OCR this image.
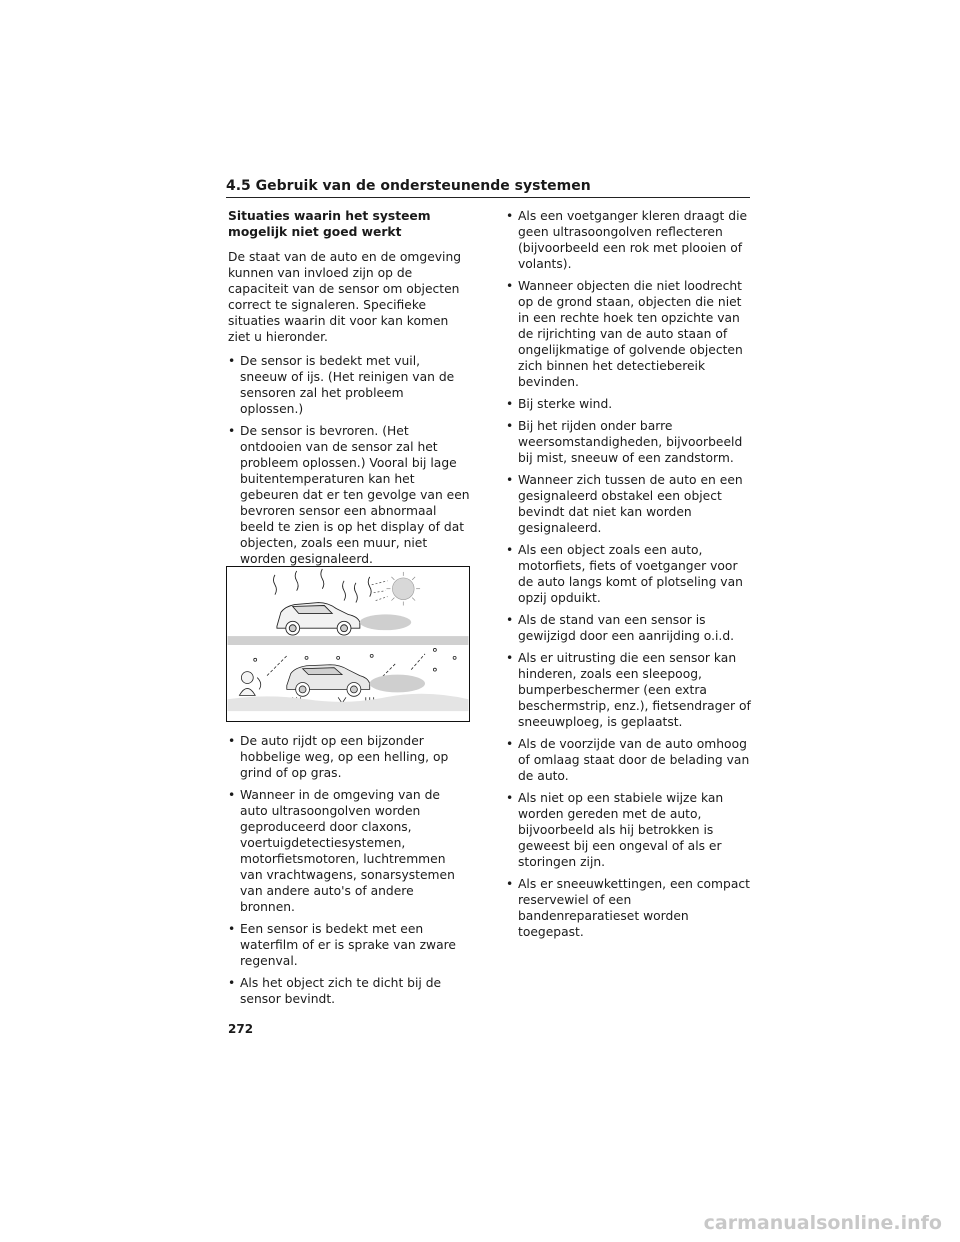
4.5 Gebruik van de ondersteunende systemen
Situaties waarin het systeem mogelijk niet goed werkt
De staat van de auto en de omgeving kunnen van invloed zijn op de capaciteit van de sensor om objecten correct te signaleren. Specifieke situaties waarin dit voor kan komen ziet u hieronder.
• De sensor is bedekt met vuil, sneeuw of ijs. (Het reinigen van de sensoren zal het probleem oplossen.)
• De sensor is bevroren. (Het ontdooien van de sensor zal het probleem oplossen.) Vooral bij lage buitentemperaturen kan het gebeuren dat er ten gevolge van een bevroren sensor een abnormaal beeld te zien is op het display of dat objecten, zoals een muur, niet worden gesignaleerd.
• De auto rijdt op een bijzonder hobbelige weg, op een helling, op grind of op gras.
• Wanneer in de omgeving van de auto ultrasoongolven worden geproduceerd door claxons, voertuigdetectiesystemen, motorfietsmotoren, luchtremmen van vrachtwagens, sonarsystemen van andere auto's of andere bronnen.
• Een sensor is bedekt met een waterfilm of er is sprake van zware regenval.
• Als het object zich te dicht bij de sensor bevindt.
• Als een voetganger kleren draagt die geen ultrasoongolven reflecteren (bijvoorbeeld een rok met plooien of volants).
• Wanneer objecten die niet loodrecht op de grond staan, objecten die niet in een rechte hoek ten opzichte van de rijrichting van de auto staan of ongelijkmatige of golvende objecten zich binnen het detectiebereik bevinden.
• Bij sterke wind.
• Bij het rijden onder barre weersomstandigheden, bijvoorbeeld bij mist, sneeuw of een zandstorm.
• Wanneer zich tussen de auto en een gesignaleerd obstakel een object bevindt dat niet kan worden gesignaleerd.
• Als een object zoals een auto, motorfiets, fiets of voetganger voor de auto langs komt of plotseling van opzij opduikt.
• Als de stand van een sensor is gewijzigd door een aanrijding o.i.d.
• Als er uitrusting die een sensor kan hinderen, zoals een sleepoog, bumperbeschermer (een extra beschermstrip, enz.), fietsendrager of sneeuwploeg, is geplaatst.
• Als de voorzijde van de auto omhoog of omlaag staat door de belading van de auto.
• Als niet op een stabiele wijze kan worden gereden met de auto, bijvoorbeeld als hij betrokken is geweest bij een ongeval of als er storingen zijn.
• Als er sneeuwkettingen, een compact reservewiel of een bandenreparatieset worden toegepast.
272
carmanualsonline.info
